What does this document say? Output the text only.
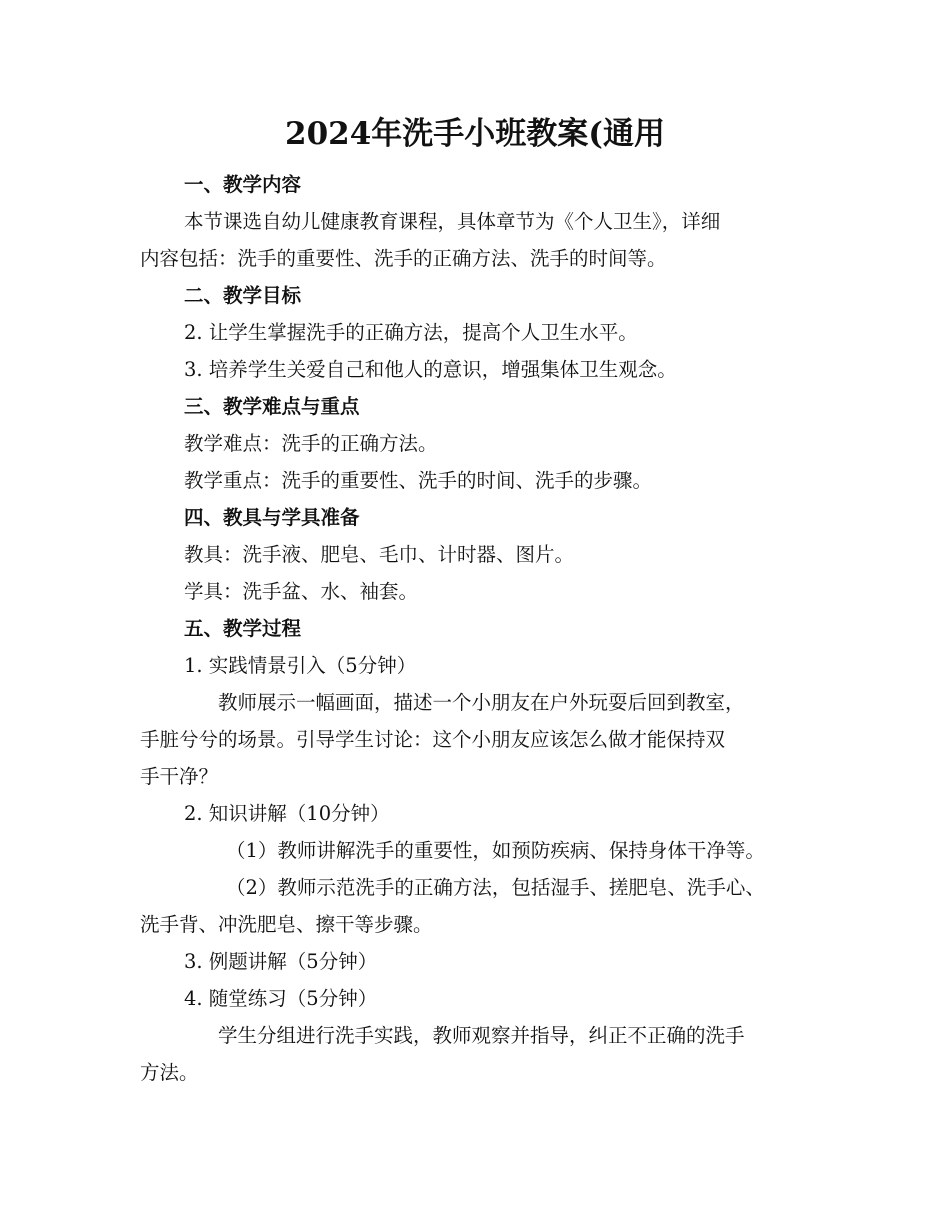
2024年洗手小班教案(通用
一、教学内容
本节课选自幼儿健康教育课程，具体章节为《个人卫生》，详细
内容包括：洗手的重要性、洗手的正确方法、洗手的时间等。
二、教学目标
2. 让学生掌握洗手的正确方法，提高个人卫生水平。
3. 培养学生关爱自己和他人的意识，增强集体卫生观念。
三、教学难点与重点
教学难点：洗手的正确方法。
教学重点：洗手的重要性、洗手的时间、洗手的步骤。
四、教具与学具准备
教具：洗手液、肥皂、毛巾、计时器、图片。
学具：洗手盆、水、袖套。
五、教学过程
1. 实践情景引入（5分钟）
教师展示一幅画面，描述一个小朋友在户外玩耍后回到教室，
手脏兮兮的场景。引导学生讨论：这个小朋友应该怎么做才能保持双
手干净？
2. 知识讲解（10分钟）
（1）教师讲解洗手的重要性，如预防疾病、保持身体干净等。
（2）教师示范洗手的正确方法，包括湿手、搓肥皂、洗手心、
洗手背、冲洗肥皂、擦干等步骤。
3. 例题讲解（5分钟）
4. 随堂练习（5分钟）
学生分组进行洗手实践，教师观察并指导，纠正不正确的洗手
方法。
